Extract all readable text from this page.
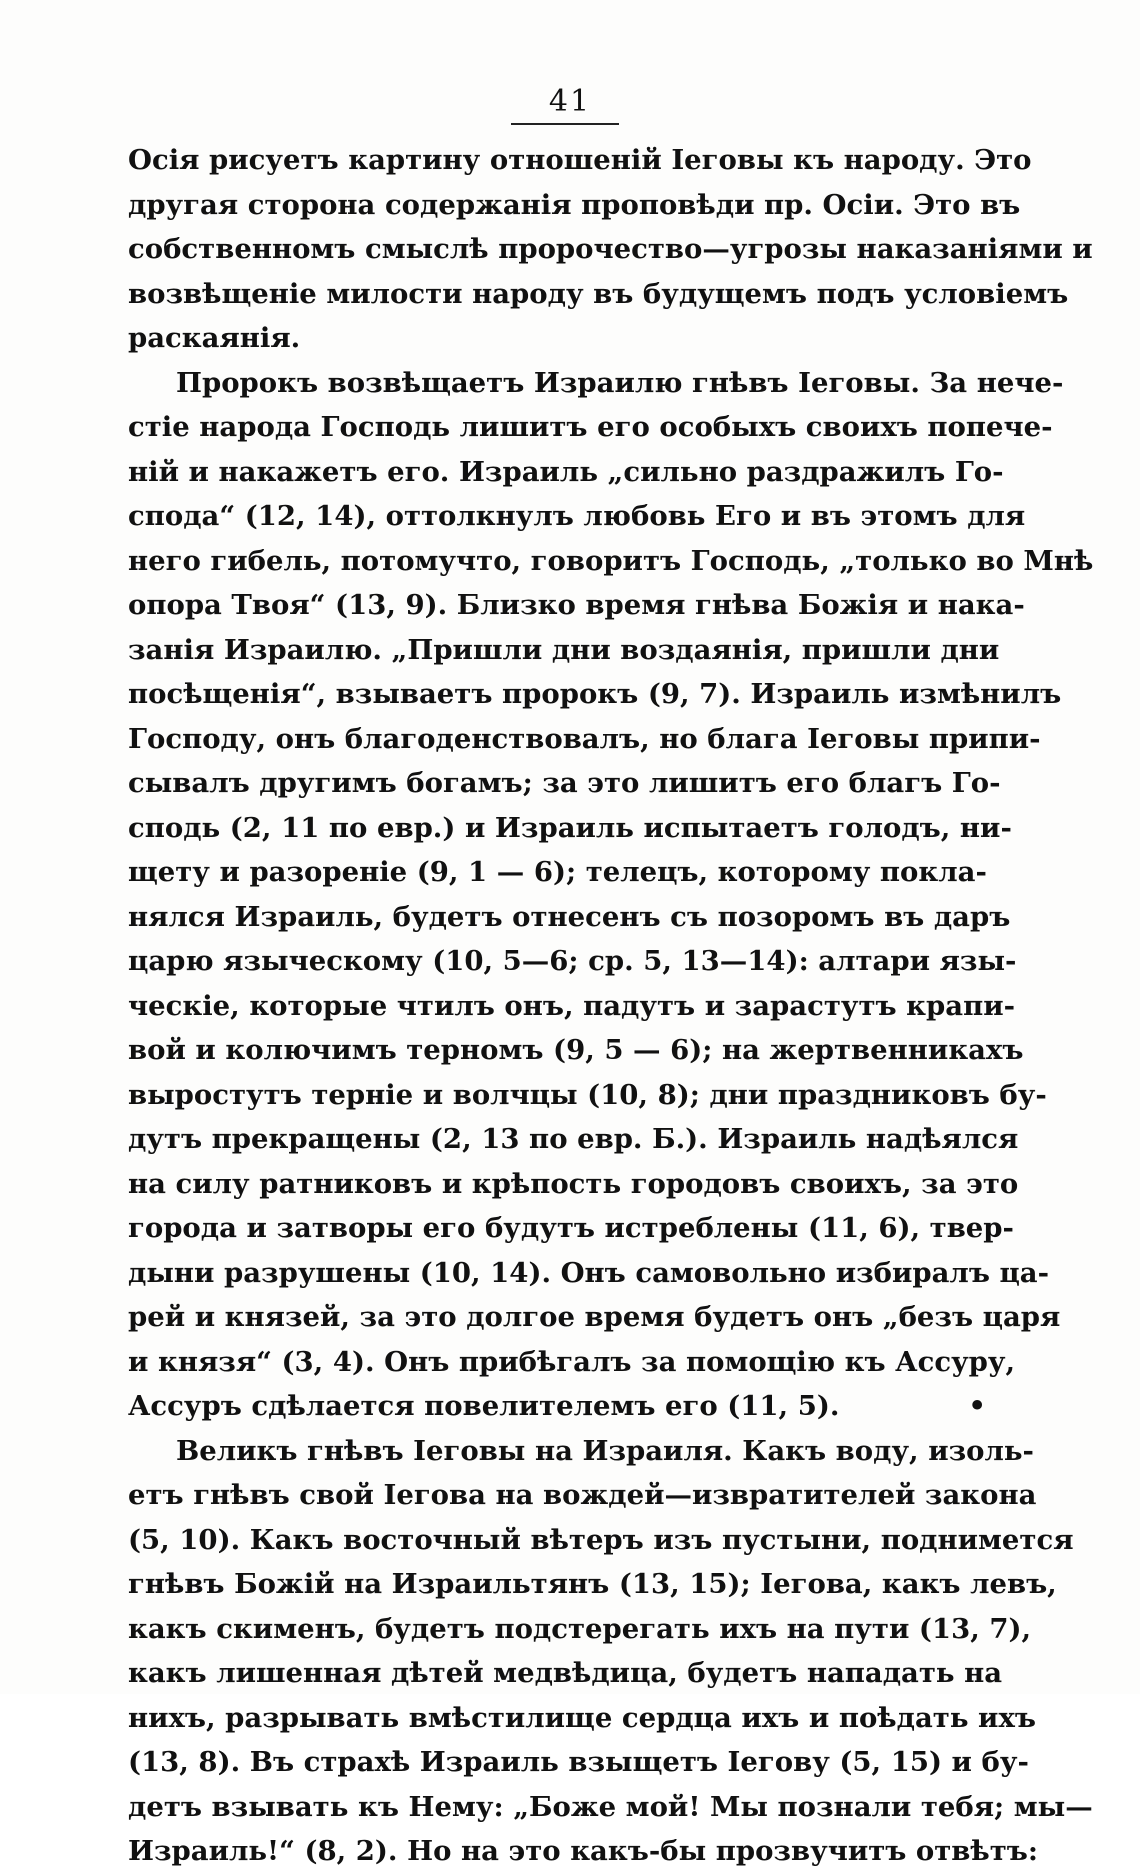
41
Осія рисуетъ картину отношеній Іеговы къ народу. Это
другая сторона содержанія проповѣди пр. Осіи. Это въ
собственномъ смыслѣ пророчество—угрозы наказаніями и
возвѣщеніе милости народу въ будущемъ подъ условіемъ
раскаянія.
Пророкъ возвѣщаетъ Израилю гнѣвъ Іеговы. За нече-
стіе народа Господь лишитъ его особыхъ своихъ попече-
ній и накажетъ его. Израиль „сильно раздражилъ Го-
спода“ (12, 14), оттолкнулъ любовь Его и въ этомъ для
него гибель, потомучто, говоритъ Господь, „только во Мнѣ
опора Твоя“ (13, 9). Близко время гнѣва Божія и нака-
занія Израилю. „Пришли дни воздаянія, пришли дни
посѣщенія“, взываетъ пророкъ (9, 7). Израиль измѣнилъ
Господу, онъ благоденствовалъ, но блага Іеговы припи-
сывалъ другимъ богамъ; за это лишитъ его благъ Го-
сподь (2, 11 по евр.) и Израиль испытаетъ голодъ, ни-
щету и разореніе (9, 1 — 6); телецъ, которому покла-
нялся Израиль, будетъ отнесенъ съ позоромъ въ даръ
царю языческому (10, 5—6; ср. 5, 13—14): алтари язы-
ческіе, которые чтилъ онъ, падутъ и зарастутъ крапи-
вой и колючимъ терномъ (9, 5 — 6); на жертвенникахъ
выростутъ терніе и волчцы (10, 8); дни праздниковъ бу-
дутъ прекращены (2, 13 по евр. Б.). Израиль надѣялся
на силу ратниковъ и крѣпость городовъ своихъ, за это
города и затворы его будутъ истреблены (11, 6), твер-
дыни разрушены (10, 14). Онъ самовольно избиралъ ца-
рей и князей, за это долгое время будетъ онъ „безъ царя
и князя“ (3, 4). Онъ прибѣгалъ за помощію къ Ассуру,
Ассуръ сдѣлается повелителемъ его (11, 5).	•
Великъ гнѣвъ Іеговы на Израиля. Какъ воду, изоль-
етъ гнѣвъ свой Іегова на вождей—извратителей закона
(5, 10). Какъ восточный вѣтеръ изъ пустыни, поднимется
гнѣвъ Божій на Израильтянъ (13, 15); Іегова, какъ левъ,
какъ скименъ, будетъ подстерегать ихъ на пути (13, 7),
какъ лишенная дѣтей медвѣдица, будетъ нападать на
нихъ, разрывать вмѣстилище сердца ихъ и поѣдать ихъ
(13, 8). Въ страхѣ Израиль взыщетъ Іегову (5, 15) и бу-
детъ взывать къ Нему: „Боже мой! Мы познали тебя; мы—
Израиль!“ (8, 2). Но на это какъ-бы прозвучитъ отвѣтъ:
